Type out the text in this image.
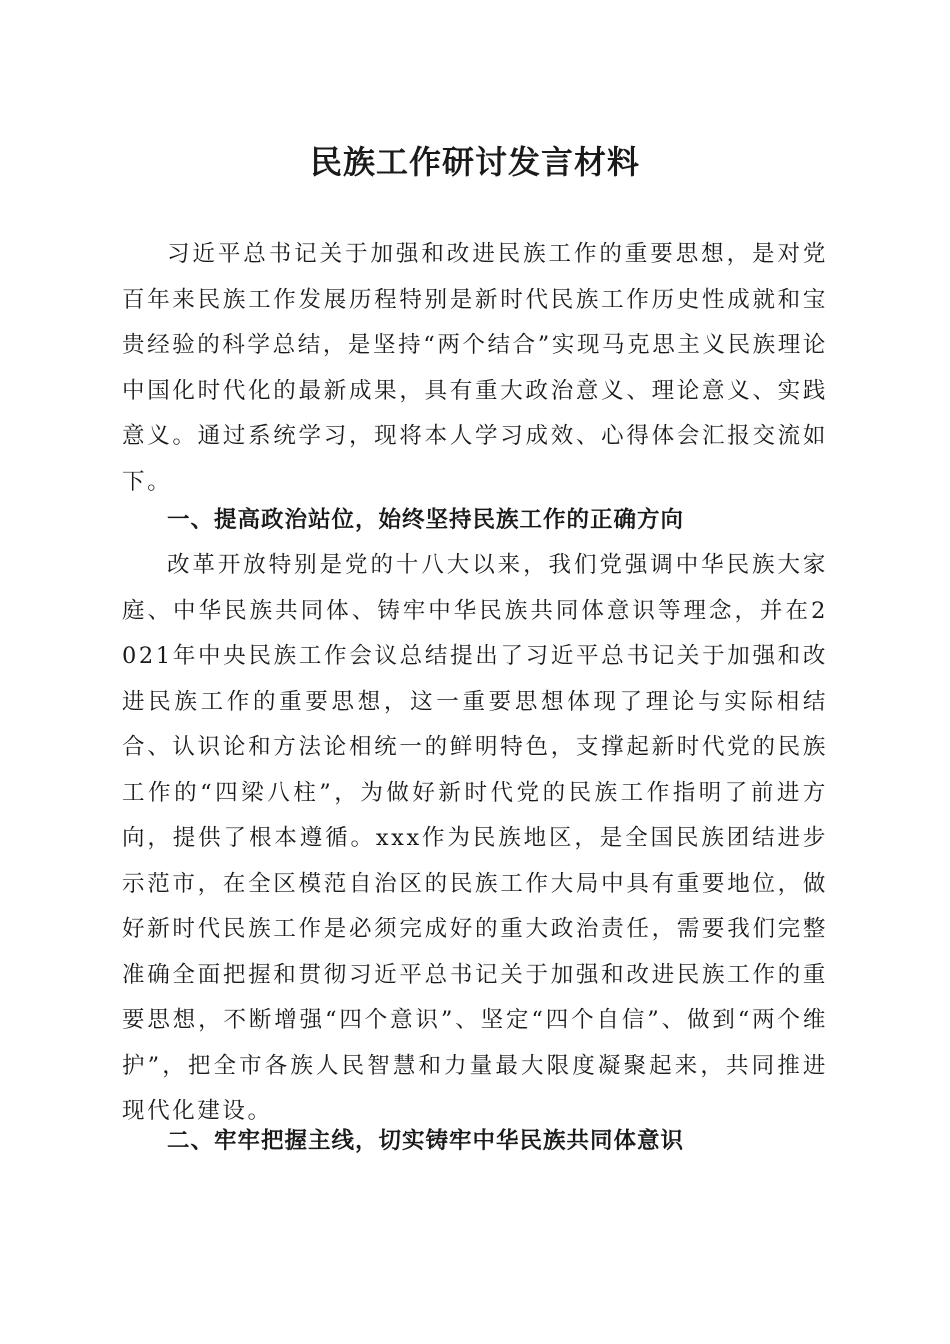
民族工作研讨发言材料
习近平总书记关于加强和改进民族工作的重要思想，是对党百年来民族工作发展历程特别是新时代民族工作历史性成就和宝贵经验的科学总结，是坚持“两个结合”实现马克思主义民族理论中国化时代化的最新成果，具有重大政治意义、理论意义、实践意义。通过系统学习，现将本人学习成效、心得体会汇报交流如下。
一、提高政治站位，始终坚持民族工作的正确方向
改革开放特别是党的十八大以来，我们党强调中华民族大家庭、中华民族共同体、铸牢中华民族共同体意识等理念，并在2021年中央民族工作会议总结提出了习近平总书记关于加强和改进民族工作的重要思想，这一重要思想体现了理论与实际相结合、认识论和方法论相统一的鲜明特色，支撑起新时代党的民族工作的“四梁八柱”，为做好新时代党的民族工作指明了前进方向，提供了根本遵循。xxx作为民族地区，是全国民族团结进步示范市，在全区模范自治区的民族工作大局中具有重要地位，做好新时代民族工作是必须完成好的重大政治责任，需要我们完整准确全面把握和贯彻习近平总书记关于加强和改进民族工作的重要思想，不断增强“四个意识”、坚定“四个自信”、做到“两个维护”，把全市各族人民智慧和力量最大限度凝聚起来，共同推进现代化建设。
二、牢牢把握主线，切实铸牢中华民族共同体意识
